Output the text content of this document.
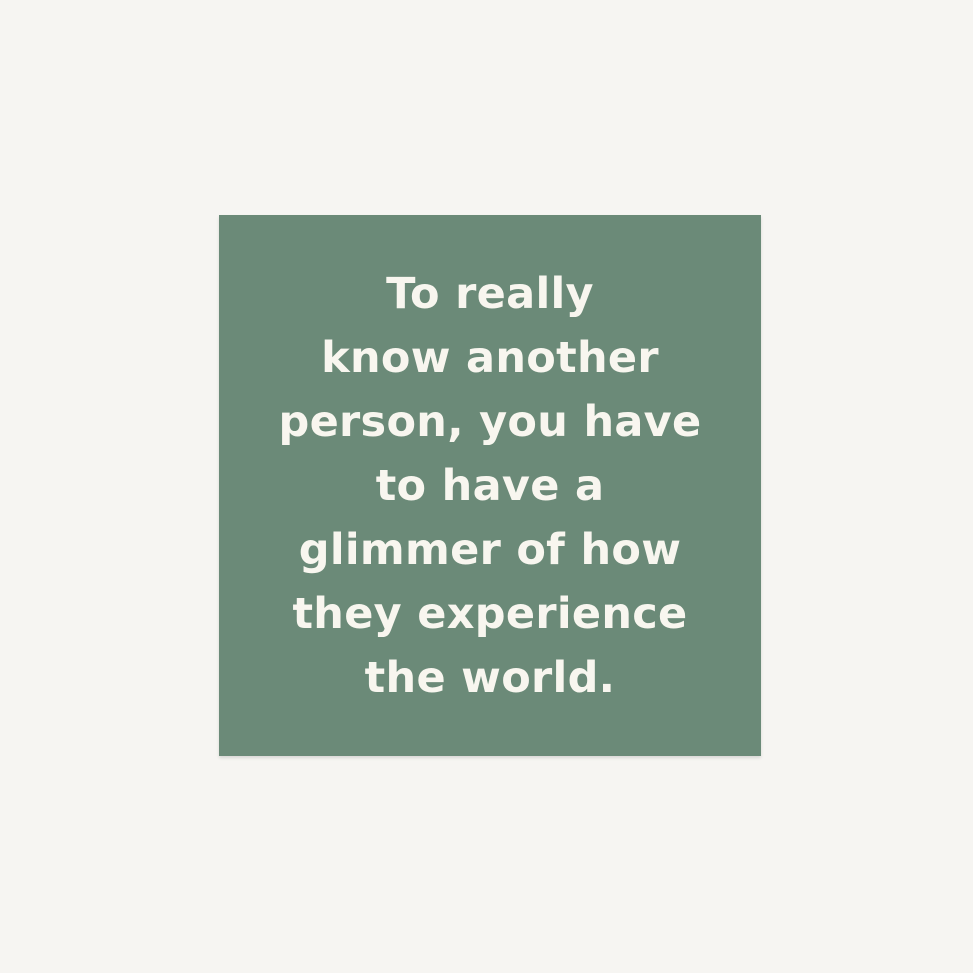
To really
know another
person, you have
to have a
glimmer of how
they experience
the world.
